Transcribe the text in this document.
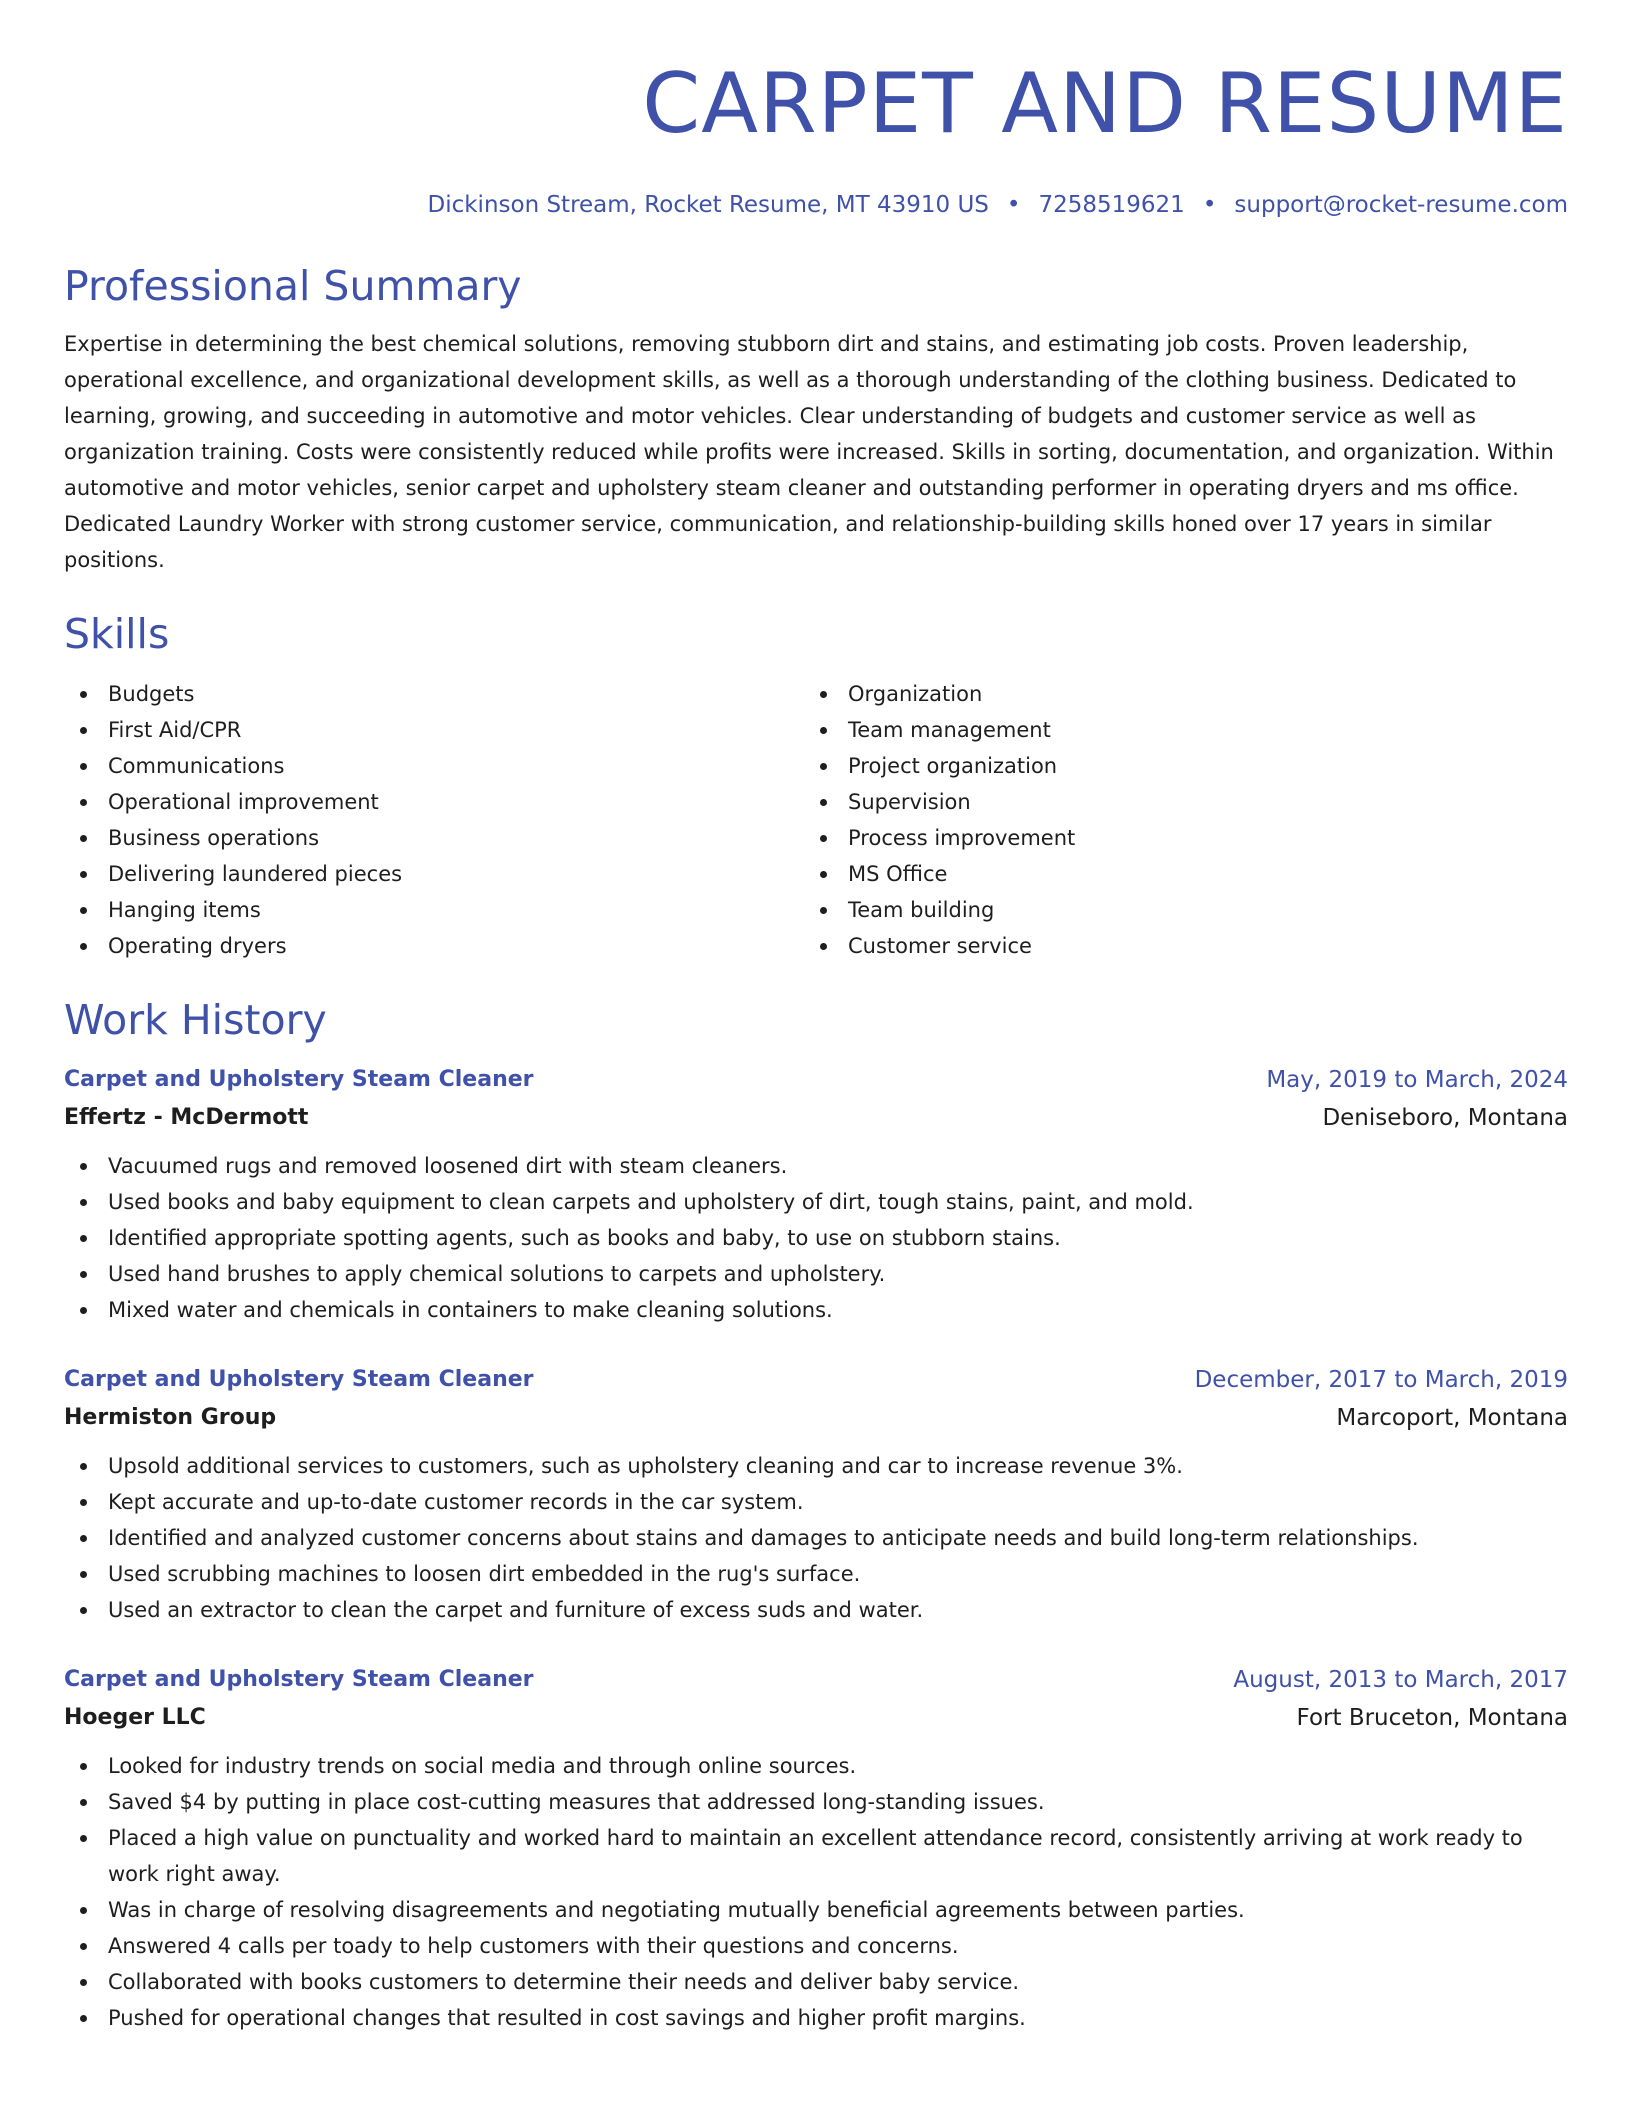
CARPET AND RESUME
Dickinson Stream, Rocket Resume, MT 43910 US • 7258519621 • support@rocket-resume.com
Professional Summary
Expertise in determining the best chemical solutions, removing stubborn dirt and stains, and estimating job costs. Proven leadership, operational excellence, and organizational development skills, as well as a thorough understanding of the clothing business. Dedicated to learning, growing, and succeeding in automotive and motor vehicles. Clear understanding of budgets and customer service as well as organization training. Costs were consistently reduced while profits were increased. Skills in sorting, documentation, and organization. Within automotive and motor vehicles, senior carpet and upholstery steam cleaner and outstanding performer in operating dryers and ms office. Dedicated Laundry Worker with strong customer service, communication, and relationship-building skills honed over 17 years in similar positions.
Skills
Budgets
First Aid/CPR
Communications
Operational improvement
Business operations
Delivering laundered pieces
Hanging items
Operating dryers
Organization
Team management
Project organization
Supervision
Process improvement
MS Office
Team building
Customer service
Work History
Carpet and Upholstery Steam Cleaner	May, 2019 to March, 2024
Effertz - McDermott	Deniseboro, Montana
Vacuumed rugs and removed loosened dirt with steam cleaners.
Used books and baby equipment to clean carpets and upholstery of dirt, tough stains, paint, and mold.
Identified appropriate spotting agents, such as books and baby, to use on stubborn stains.
Used hand brushes to apply chemical solutions to carpets and upholstery.
Mixed water and chemicals in containers to make cleaning solutions.
Carpet and Upholstery Steam Cleaner	December, 2017 to March, 2019
Hermiston Group	Marcoport, Montana
Upsold additional services to customers, such as upholstery cleaning and car to increase revenue 3%.
Kept accurate and up-to-date customer records in the car system.
Identified and analyzed customer concerns about stains and damages to anticipate needs and build long-term relationships.
Used scrubbing machines to loosen dirt embedded in the rug's surface.
Used an extractor to clean the carpet and furniture of excess suds and water.
Carpet and Upholstery Steam Cleaner	August, 2013 to March, 2017
Hoeger LLC	Fort Bruceton, Montana
Looked for industry trends on social media and through online sources.
Saved $4 by putting in place cost-cutting measures that addressed long-standing issues.
Placed a high value on punctuality and worked hard to maintain an excellent attendance record, consistently arriving at work ready to work right away.
Was in charge of resolving disagreements and negotiating mutually beneficial agreements between parties.
Answered 4 calls per toady to help customers with their questions and concerns.
Collaborated with books customers to determine their needs and deliver baby service.
Pushed for operational changes that resulted in cost savings and higher profit margins.
